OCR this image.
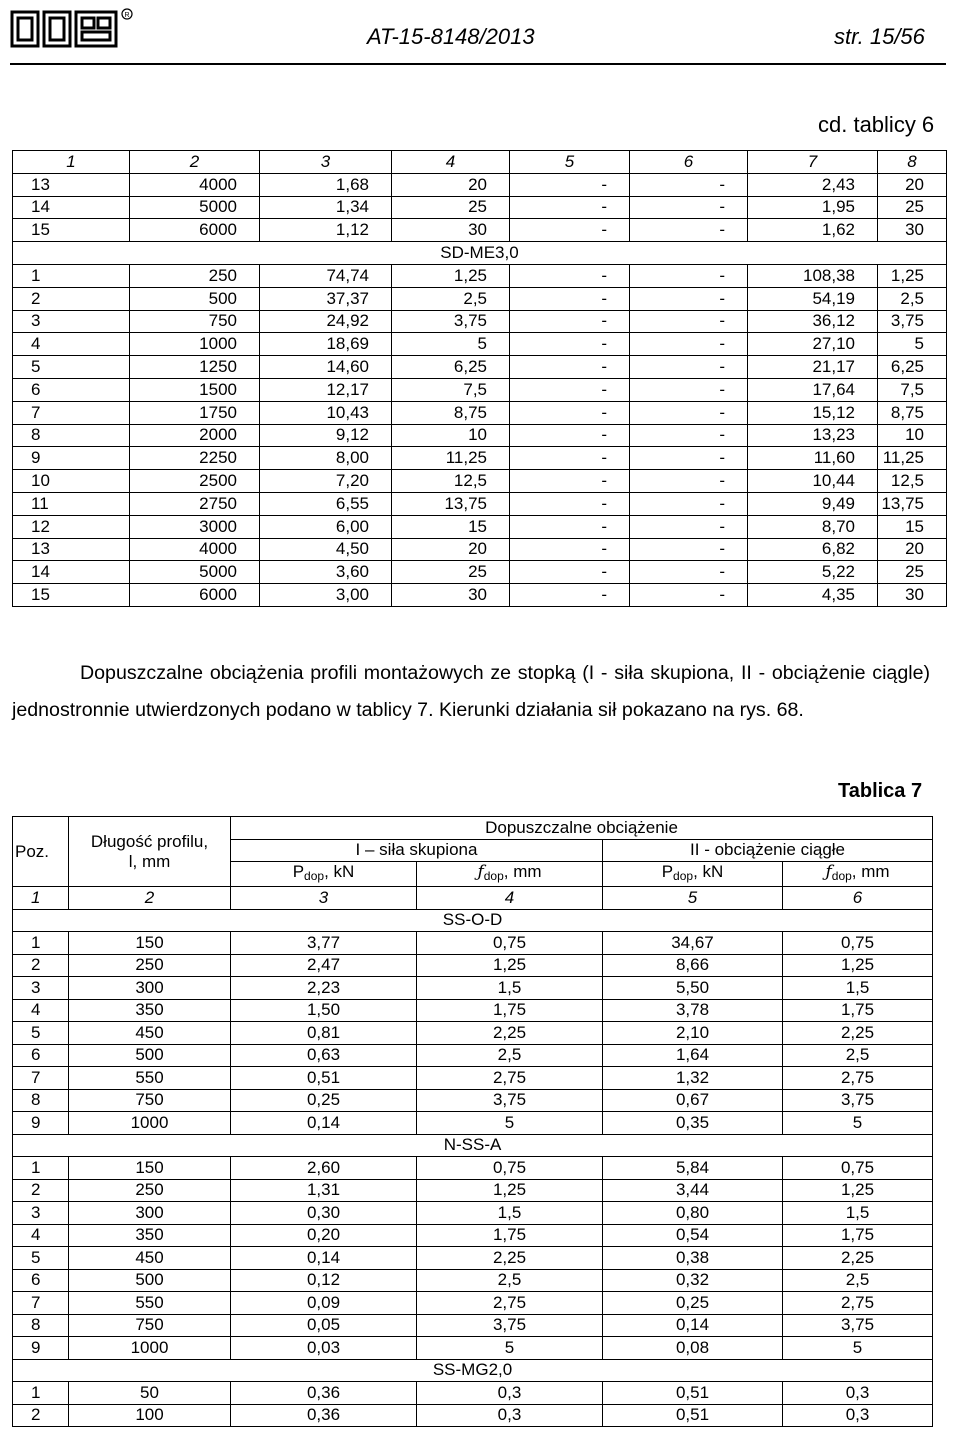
R
AT-15-8148/2013	str. 15/56
cd. tablicy 6
1	2	3	4	5	6	7	8
13	4000	1,68	20	-	-	2,43	20
14	5000	1,34	25	-	-	1,95	25
15	6000	1,12	30	-	-	1,62	30
SD-ME3,0							
1	250	74,74	1,25	-	-	108,38	1,25
2	500	37,37	2,5	-	-	54,19	2,5
3	750	24,92	3,75	-	-	36,12	3,75
4	1000	18,69	5	-	-	27,10	5
5	1250	14,60	6,25	-	-	21,17	6,25
6	1500	12,17	7,5	-	-	17,64	7,5
7	1750	10,43	8,75	-	-	15,12	8,75
8	2000	9,12	10	-	-	13,23	10
9	2250	8,00	11,25	-	-	11,60	11,25
10	2500	7,20	12,5	-	-	10,44	12,5
11	2750	6,55	13,75	-	-	9,49	13,75
12	3000	6,00	15	-	-	8,70	15
13	4000	4,50	20	-	-	6,82	20
14	5000	3,60	25	-	-	5,22	25
15	6000	3,00	30	-	-	4,35	30
Dopuszczalne obciążenia profili montażowych ze stopką (I - siła skupiona, II - obciążenie ciągle) jednostronnie utwierdzonych podano w tablicy 7. Kierunki działania sił pokazano na rys. 68.
Tablica 7
Poz.	Długość profilu, l, mm	Dopuszczalne obciążenie			
		I – siła skupiona		II - obciążenie ciągłe	
		$P_{dop}$, kN	$ƒ_{dop}$, mm	$P_{dop}$, kN	$ƒ_{dop}$, mm
1	2	3	4	5	6
SS-O-D					
1	150	3,77	0,75	34,67	0,75
2	250	2,47	1,25	8,66	1,25
3	300	2,23	1,5	5,50	1,5
4	350	1,50	1,75	3,78	1,75
5	450	0,81	2,25	2,10	2,25
6	500	0,63	2,5	1,64	2,5
7	550	0,51	2,75	1,32	2,75
8	750	0,25	3,75	0,67	3,75
9	1000	0,14	5	0,35	5
N-SS-A					
1	150	2,60	0,75	5,84	0,75
2	250	1,31	1,25	3,44	1,25
3	300	0,30	1,5	0,80	1,5
4	350	0,20	1,75	0,54	1,75
5	450	0,14	2,25	0,38	2,25
6	500	0,12	2,5	0,32	2,5
7	550	0,09	2,75	0,25	2,75
8	750	0,05	3,75	0,14	3,75
9	1000	0,03	5	0,08	5
SS-MG2,0					
1	50	0,36	0,3	0,51	0,3
2	100	0,36	0,3	0,51	0,3
